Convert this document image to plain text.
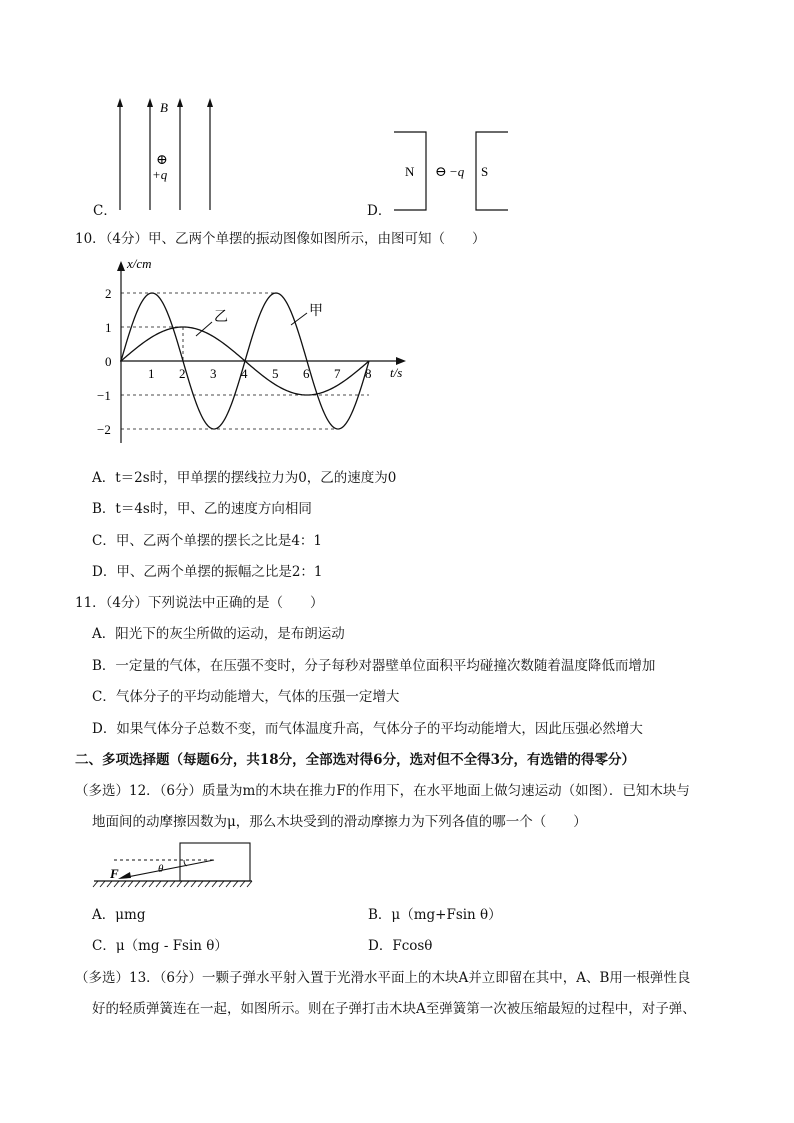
B
⊕
+q
C．
N	S
⊖ −q
D．
10．（4分）甲、乙两个单摆的振动图像如图所示，由图可知（　　）
x/cm
t/s
1 2 3 4 5 6 7 8
2
1
0
−1
−2
乙	甲
A．t＝2s时，甲单摆的摆线拉力为0，乙的速度为0
B．t＝4s时，甲、乙的速度方向相同
C．甲、乙两个单摆的摆长之比是4：1
D．甲、乙两个单摆的振幅之比是2：1
11．（4分）下列说法中正确的是（　　）
A．阳光下的灰尘所做的运动，是布朗运动
B．一定量的气体，在压强不变时，分子每秒对器壁单位面积平均碰撞次数随着温度降低而增加
C．气体分子的平均动能增大，气体的压强一定增大
D．如果气体分子总数不变，而气体温度升高，气体分子的平均动能增大，因此压强必然增大
二、多项选择题（每题6分，共18分，全部选对得6分，选对但不全得3分，有选错的得零分）
（多选）12．（6分）质量为m的木块在推力F的作用下，在水平地面上做匀速运动（如图）．已知木块与
地面间的动摩擦因数为μ，那么木块受到的滑动摩擦力为下列各值的哪一个（　　）
F	θ
A．μmg	B．μ（mg+Fsin θ）
C．μ（mg - Fsin θ）	D．Fcosθ
（多选）13．（6分）一颗子弹水平射入置于光滑水平面上的木块A并立即留在其中，A、B用一根弹性良
好的轻质弹簧连在一起，如图所示。则在子弹打击木块A至弹簧第一次被压缩最短的过程中，对子弹、
